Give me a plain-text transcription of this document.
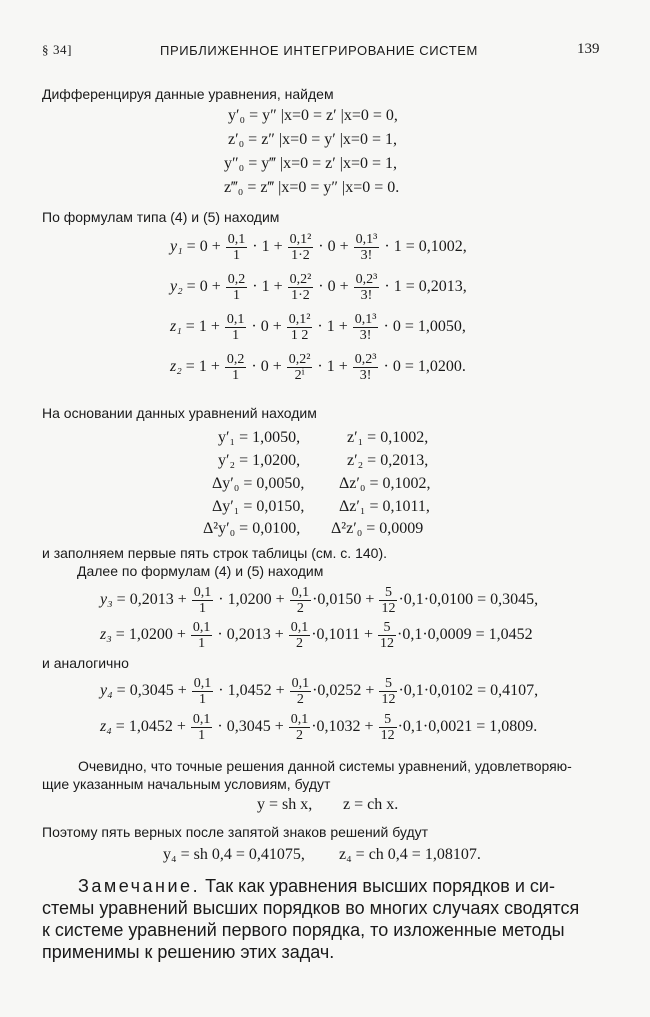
§ 34]	ПРИБЛИЖЕННОЕ ИНТЕГРИРОВАНИЕ СИСТЕМ	139
Дифференцируя данные уравнения, найдем
y′₀ = y″ |x=0 = z′ |x=0 = 0,
z′₀ = z″ |x=0 = y′ |x=0 = 1,
y″₀ = y‴ |x=0 = z′ |x=0 = 1,
z‴₀ = z‴ |x=0 = y″ |x=0 = 0.
По формулам типа (4) и (5) находим
$y_1 = 0 + \frac{0,1}{1} \cdot 1 + \frac{\text{0,1²}}{1\cdot 2} \cdot 0 + \frac{\text{0,1³}}{3!} \cdot 1 = 0,1002$,
$y_2 = 0 + \frac{0,2}{1} \cdot 1 + \frac{\text{0,2²}}{1\cdot 2} \cdot 0 + \frac{\text{0,2³}}{3!} \cdot 1 = 0,2013$,
$z_1 = 1 + \frac{0,1}{1} \cdot 0 + \frac{\text{0,1²}}{1 2} \cdot 1 + \frac{\text{0,1³}}{3!} \cdot 0 = 1,0050$,
$z_2 = 1 + \frac{0,2}{1} \cdot 0 + \frac{\text{0,2²}}{\text{2ⁱ}} \cdot 1 + \frac{\text{0,2³}}{3!} \cdot 0 = 1,0200$.
На основании данных уравнений находим
y′₁ = 1,0050,	z′₁ = 0,1002,
y′₂ = 1,0200,	z′₂ = 0,2013,
Δy′₀ = 0,0050, Δz′₀ = 0,1002,
Δy′₁ = 0,0150, Δz′₁ = 0,1011,
Δ²y′₀ = 0,0100, Δ²z′₀ = 0,0009
и заполняем первые пять строк таблицы (см. с. 140).
Далее по формулам (4) и (5) находим
$y_3 = 0,2013 + \frac{0,1}{1} \cdot 1,0200 + \frac{0,1}{2} \cdot 0,0150 + \frac{5}{12} \cdot 0,1\cdot 0,0100 = 0,3045$,
$z_3 = 1,0200 + \frac{0,1}{1} \cdot 0,2013 + \frac{0,1}{2} \cdot 0,1011 + \frac{5}{12} \cdot 0,1\cdot 0,0009 = 1,0452$
и аналогично
$y_4 = 0,3045 + \frac{0,1}{1} \cdot 1,0452 + \frac{0,1}{2} \cdot 0,0252 + \frac{5}{12} \cdot 0,1\cdot 0,0102 = 0,4107$,
$z_4 = 1,0452 + \frac{0,1}{1} \cdot 0,3045 + \frac{0,1}{2} \cdot 0,1032 + \frac{5}{12} \cdot 0,1\cdot 0,0021 = 1,0809$.
Очевидно, что точные решения данной системы уравнений, удовлетворяю-
щие указанным начальным условиям, будут
y = sh x, z = ch x.
Поэтому пять верных после запятой знаков решений будут
y₄ = sh 0,4 = 0,41075, z₄ = ch 0,4 = 1,08107.
Замечание. Так как уравнения высших порядков и си-
стемы уравнений высших порядков во многих случаях сводятся
к системе уравнений первого порядка, то изложенные методы
применимы к решению этих задач.
